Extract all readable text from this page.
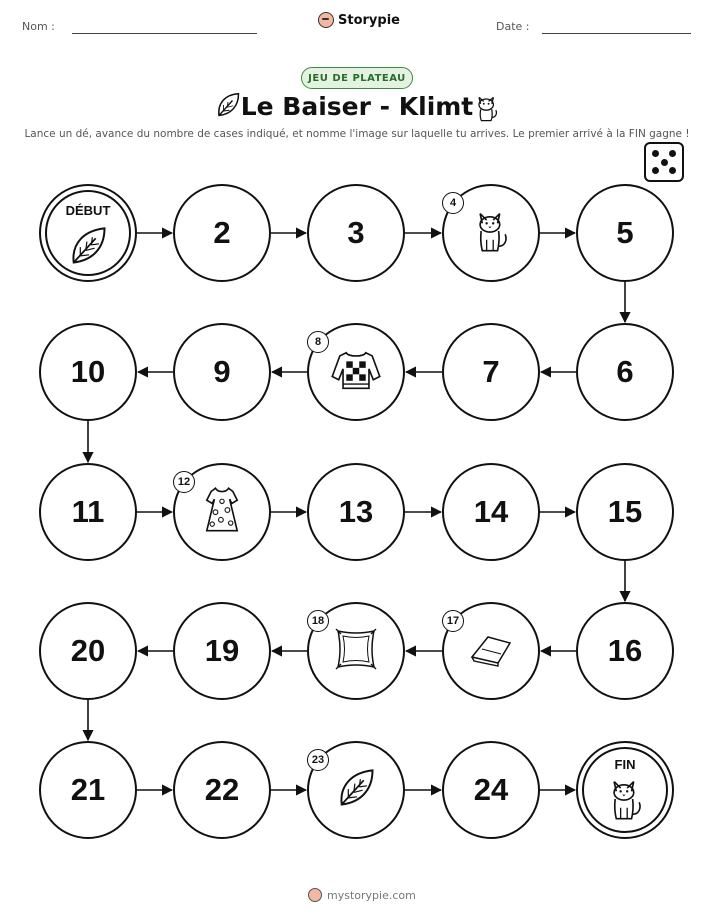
Nom :	Storypie	Date :
JEU DE PLATEAU
Le Baiser - Klimt
Lance un dé, avance du nombre de cases indiqué, et nomme l'image sur laquelle tu arrives. Le premier arrivé à la FIN gagne !
DÉBUT
2	3
4
5
6
7
8
9
10
11
12
13	14	15
16
17
18
19
20
21	22
23
24
FIN
mystorypie.com
